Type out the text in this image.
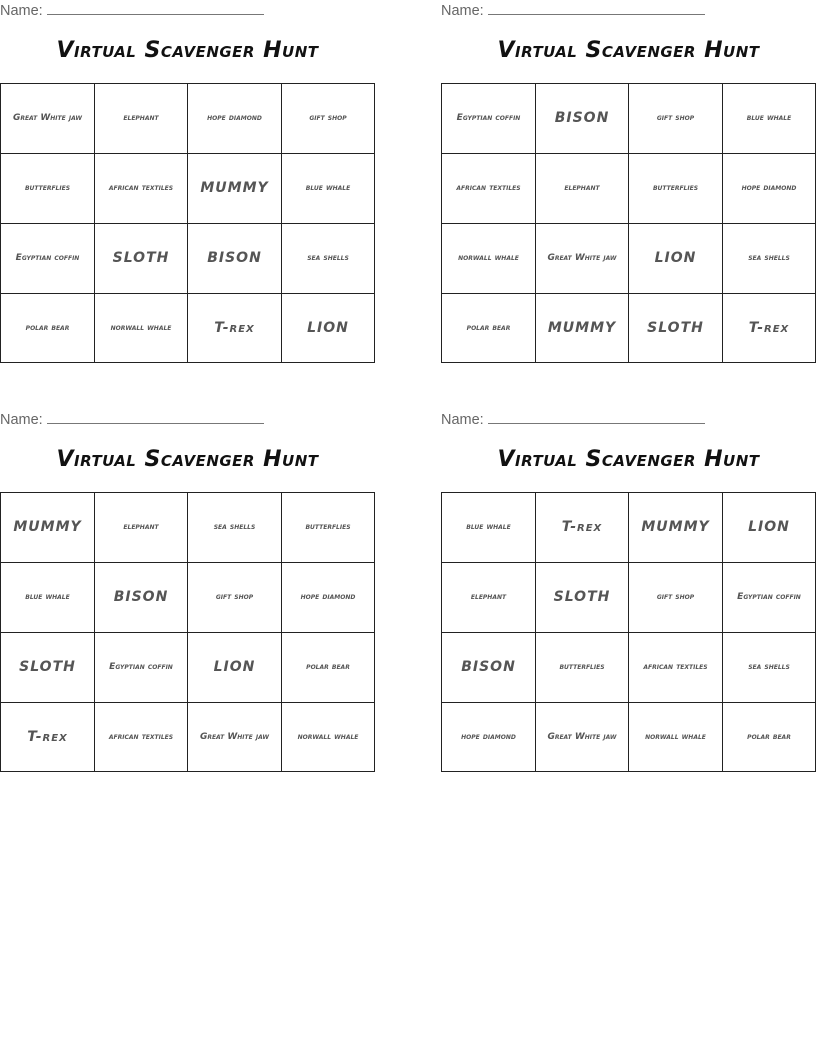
Name:
Virtual Scavenger Hunt
Great White jaw	elephant	hope diamond	gift shop
butterflies	african textiles	MUMMY	blue whale
Egyptian coffin	SLOTH	BISON	sea shells
polar bear	norwall whale	T-rex	LION
Name:
Virtual Scavenger Hunt
Egyptian coffin	BISON	gift shop	blue whale
african textiles	elephant	butterflies	hope diamond
norwall whale	Great White jaw	LION	sea shells
polar bear	MUMMY	SLOTH	T-rex
Name:
Virtual Scavenger Hunt
MUMMY	elephant	sea shells	butterflies
blue whale	BISON	gift shop	hope diamond
SLOTH	Egyptian coffin	LION	polar bear
T-rex	african textiles	Great White jaw	norwall whale
Name:
Virtual Scavenger Hunt
blue whale	T-rex	MUMMY	LION
elephant	SLOTH	gift shop	Egyptian coffin
BISON	butterflies	african textiles	sea shells
hope diamond	Great White jaw	norwall whale	polar bear
